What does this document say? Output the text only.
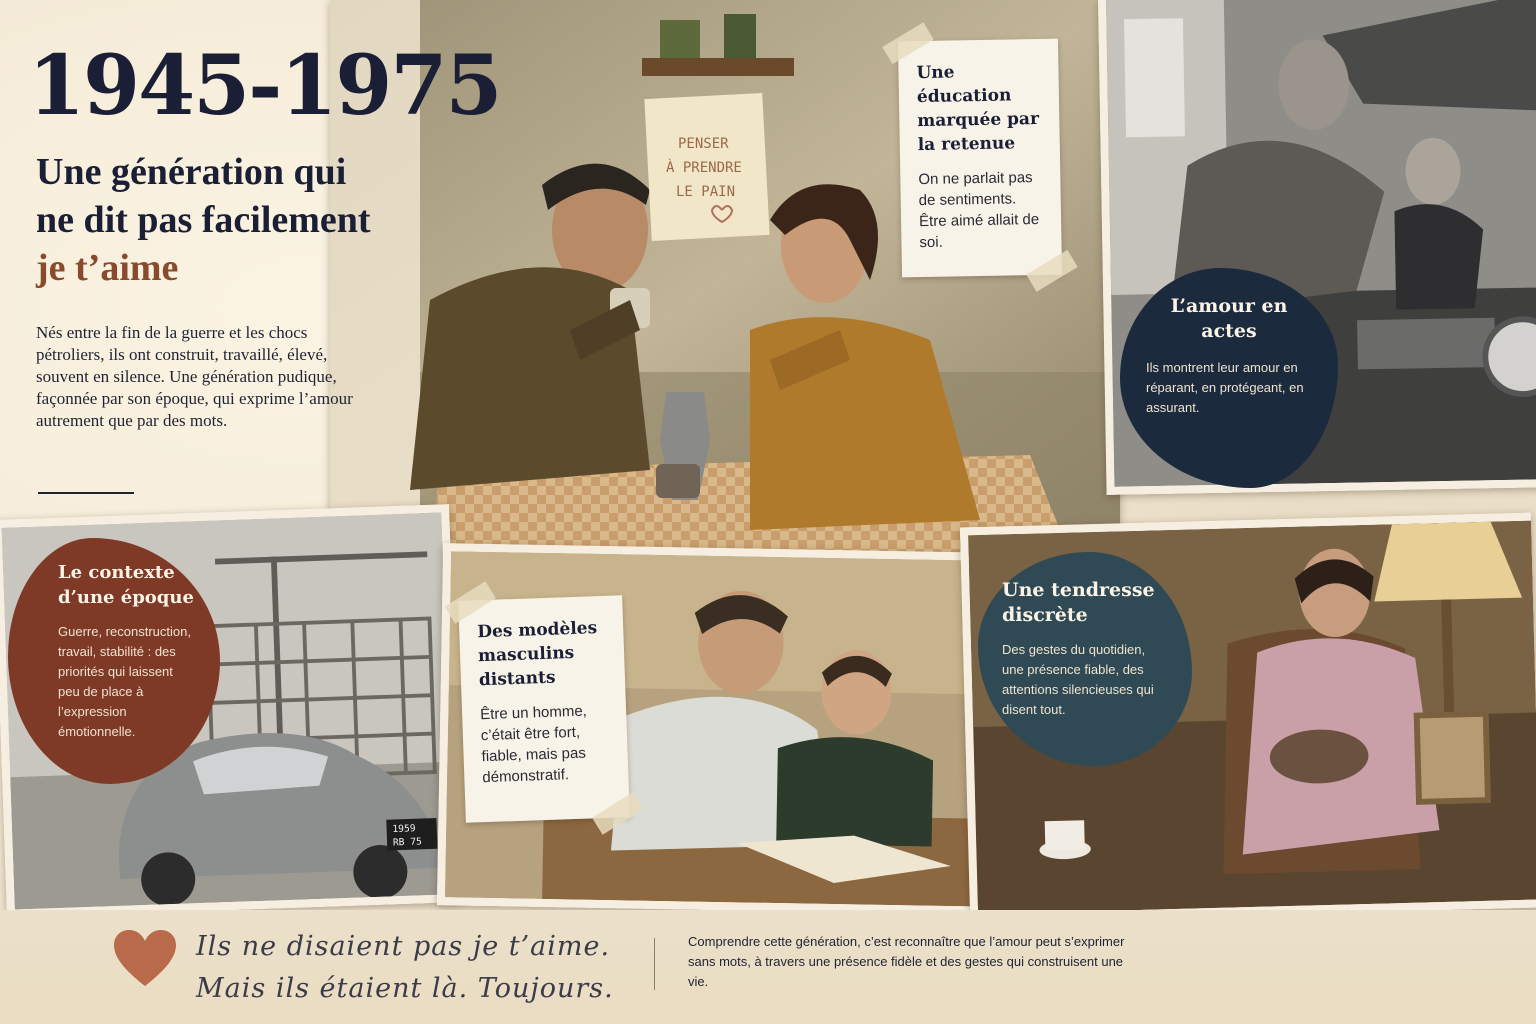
PENSER
À PRENDRE
LE PAIN
1959
RB 75
1945-1975
Une génération qui
ne dit pas facilement
je t’aime

Nés entre la fin de la guerre et les chocs pétroliers, ils ont construit, travaillé, élevé, souvent en silence. Une génération pudique, façonnée par son époque, qui exprime l’amour autrement que par des mots.

Une éducation marquée par la retenue

On ne parlait pas de sentiments. Être aimé allait de soi.

L’amour en actes

Ils montrent leur amour en réparant, en protégeant, en assurant.

Le contexte d’une époque

Guerre, reconstruction, travail, stabilité : des priorités qui laissent peu de place à l’expression émotionnelle.

Des modèles masculins distants

Être un homme, c’était être fort, fiable, mais pas démonstratif.

Une tendresse discrète

Des gestes du quotidien, une présence fiable, des attentions silencieuses qui disent tout.

Ils ne disaient pas je t’aime.
Mais ils étaient là. Toujours.

Comprendre cette génération, c’est reconnaître que l’amour peut s’exprimer sans mots, à travers une présence fidèle et des gestes qui construisent une vie.
